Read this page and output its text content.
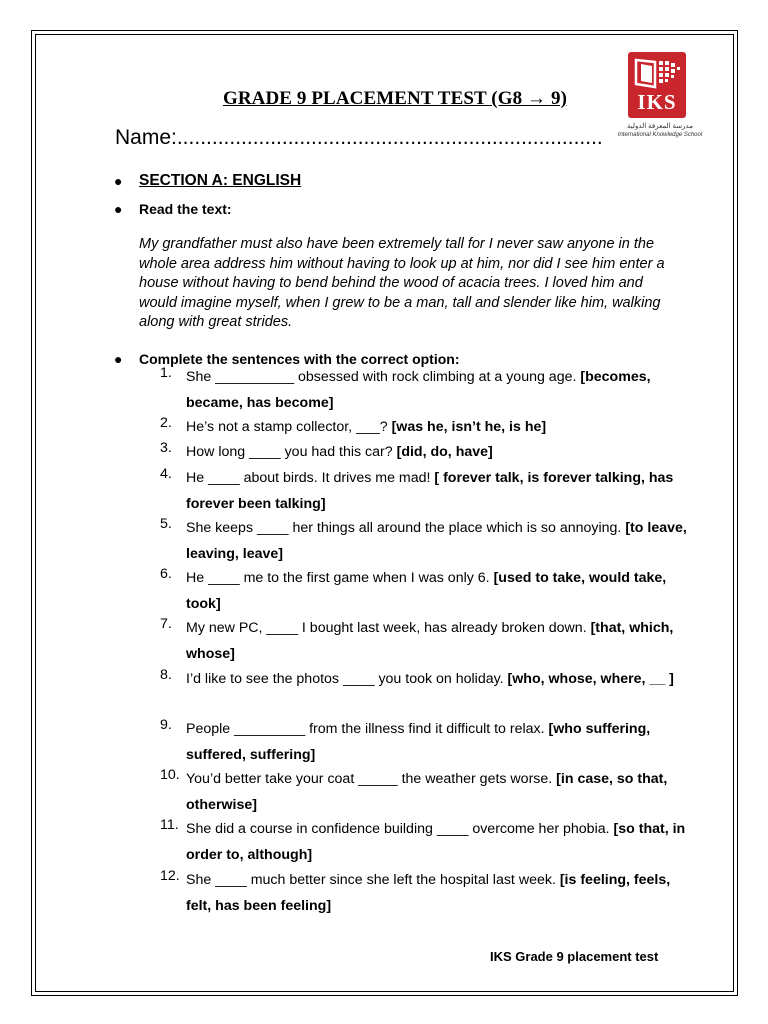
GRADE 9 PLACEMENT TEST (G8 → 9)
Name:.........................................................................
IKS
مدرسة المعرفة الدولية
International Knowledge School
● SECTION A: ENGLISH
● Read the text:
My grandfather must also have been extremely tall for I never saw anyone in the whole area address him without having to look up at him, nor did I see him enter a house without having to bend behind the wood of acacia trees. I loved him and would imagine myself, when I grew to be a man, tall and slender like him, walking along with great strides.
● Complete the sentences with the correct option:
1. She __________ obsessed with rock climbing at a young age. [becomes, became, has become]
2. He’s not a stamp collector, ___? [was he, isn’t he, is he]
3. How long ____ you had this car? [did, do, have]
4. He ____ about birds. It drives me mad! [ forever talk, is forever talking, has forever been talking]
5. She keeps ____ her things all around the place which is so annoying. [to leave, leaving, leave]
6. He ____ me to the first game when I was only 6. [used to take, would take, took]
7. My new PC, ____ I bought last week, has already broken down. [that, which, whose]
8. I’d like to see the photos ____ you took on holiday. [who, whose, where, __ ]
9. People _________ from the illness find it difficult to relax. [who suffering, suffered, suffering]
10. You’d better take your coat _____ the weather gets worse. [in case, so that, otherwise]
11. She did a course in confidence building ____ overcome her phobia. [so that, in order to, although]
12. She ____ much better since she left the hospital last week. [is feeling, feels, felt, has been feeling]
IKS Grade 9 placement test
